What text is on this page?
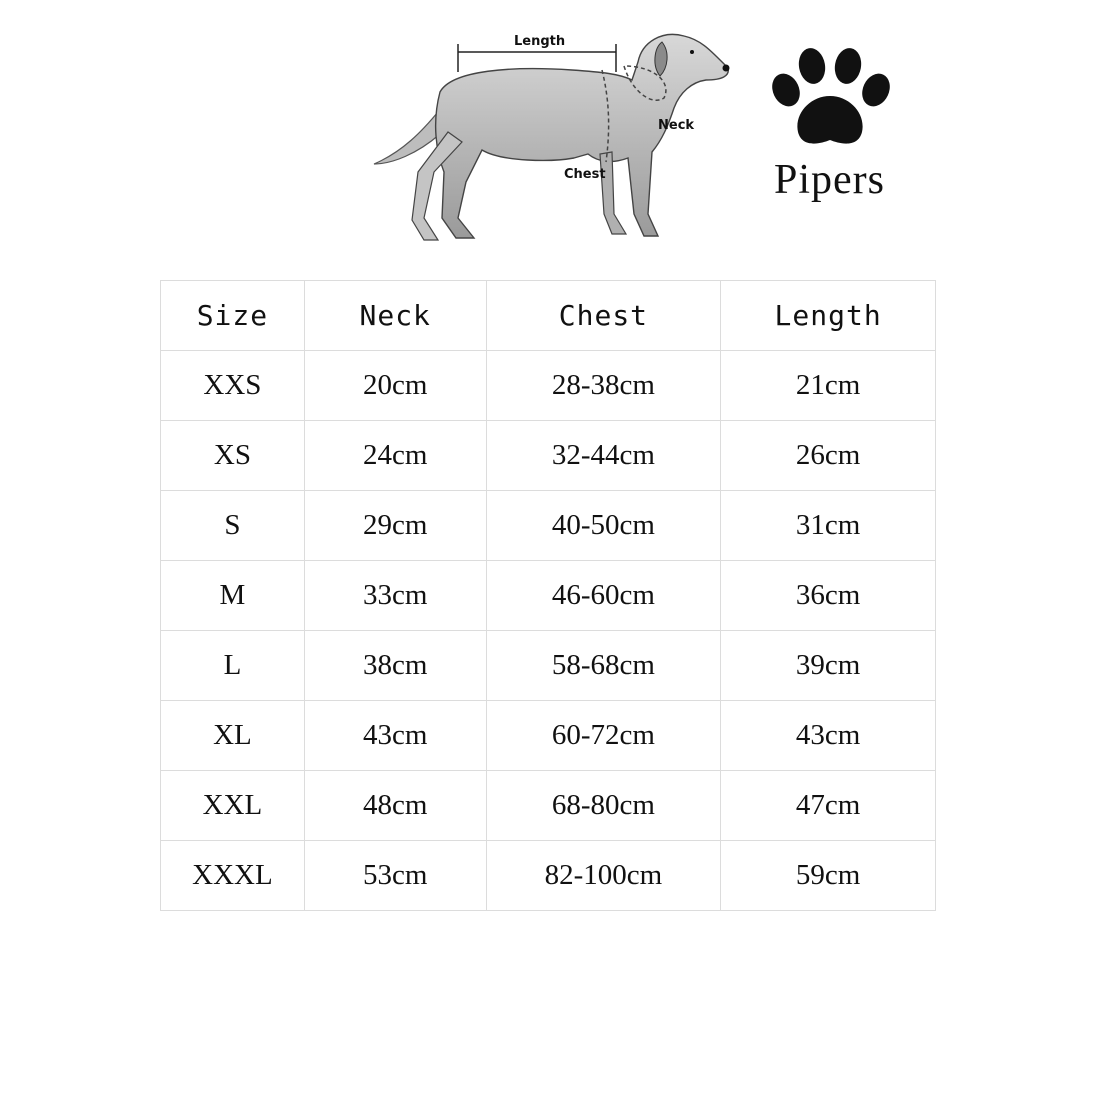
Length
Neck
Chest	Pipers
Size	Neck	Chest	Length
XXS	20cm	28-38cm	21cm
XS	24cm	32-44cm	26cm
S	29cm	40-50cm	31cm
M	33cm	46-60cm	36cm
L	38cm	58-68cm	39cm
XL	43cm	60-72cm	43cm
XXL	48cm	68-80cm	47cm
XXXL	53cm	82-100cm	59cm
